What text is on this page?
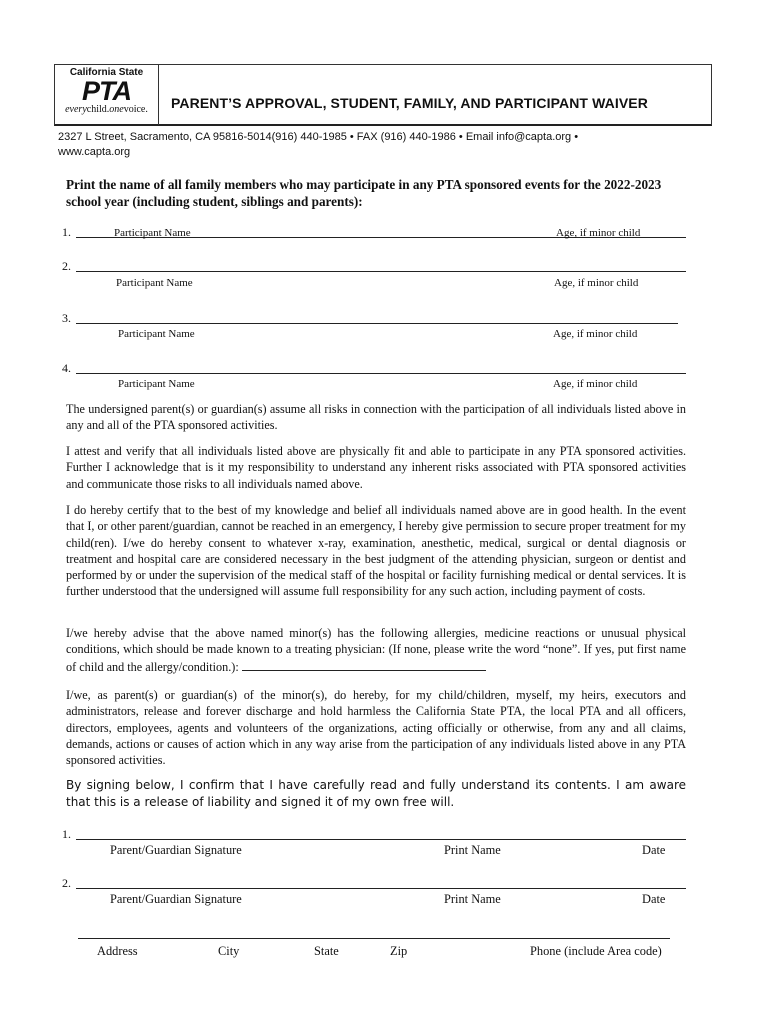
California State
PTA
everychild.onevoice.	PARENT’S APPROVAL, STUDENT, FAMILY, AND PARTICIPANT WAIVER
2327 L Street, Sacramento, CA 95816-5014(916) 440-1985 • FAX (916) 440-1986 • Email info@capta.org •
www.capta.org
Print the name of all family members who may participate in any PTA sponsored events for the 2022-2023 school year (including student, siblings and parents):
1.	Participant Name	Age, if minor child
2.
Participant Name	Age, if minor child
3.
Participant Name	Age, if minor child
4.
Participant Name	Age, if minor child
The undersigned parent(s) or guardian(s) assume all risks in connection with the participation of all individuals listed above in any and all of the PTA sponsored activities.
I attest and verify that all individuals listed above are physically fit and able to participate in any PTA sponsored activities. Further I acknowledge that is it my responsibility to understand any inherent risks associated with PTA sponsored activities and communicate those risks to all individuals named above.
I do hereby certify that to the best of my knowledge and belief all individuals named above are in good health. In the event that I, or other parent/guardian, cannot be reached in an emergency, I hereby give permission to secure proper treatment for my child(ren). I/we do hereby consent to whatever x-ray, examination, anesthetic, medical, surgical or dental diagnosis or treatment and hospital care are considered necessary in the best judgment of the attending physician, surgeon or dentist and performed by or under the supervision of the medical staff of the hospital or facility furnishing medical or dental services. It is further understood that the undersigned will assume full responsibility for any such action, including payment of costs.
I/we hereby advise that the above named minor(s) has the following allergies, medicine reactions or unusual physical conditions, which should be made known to a treating physician: (If none, please write the word “none”. If yes, put first name of child and the allergy/condition.):
I/we, as parent(s) or guardian(s) of the minor(s), do hereby, for my child/children, myself, my heirs, executors and administrators, release and forever discharge and hold harmless the California State PTA, the local PTA and all officers, directors, employees, agents and volunteers of the organizations, acting officially or otherwise, from any and all claims, demands, actions or causes of action which in any way arise from the participation of any individuals listed above in any PTA sponsored activities.
By signing below, I confirm that I have carefully read and fully understand its contents. I am aware that this is a release of liability and signed it of my own free will.
1.
Parent/Guardian Signature	Print Name	Date
2.
Parent/Guardian Signature	Print Name	Date
Address	City	State	Zip	Phone (include Area code)
